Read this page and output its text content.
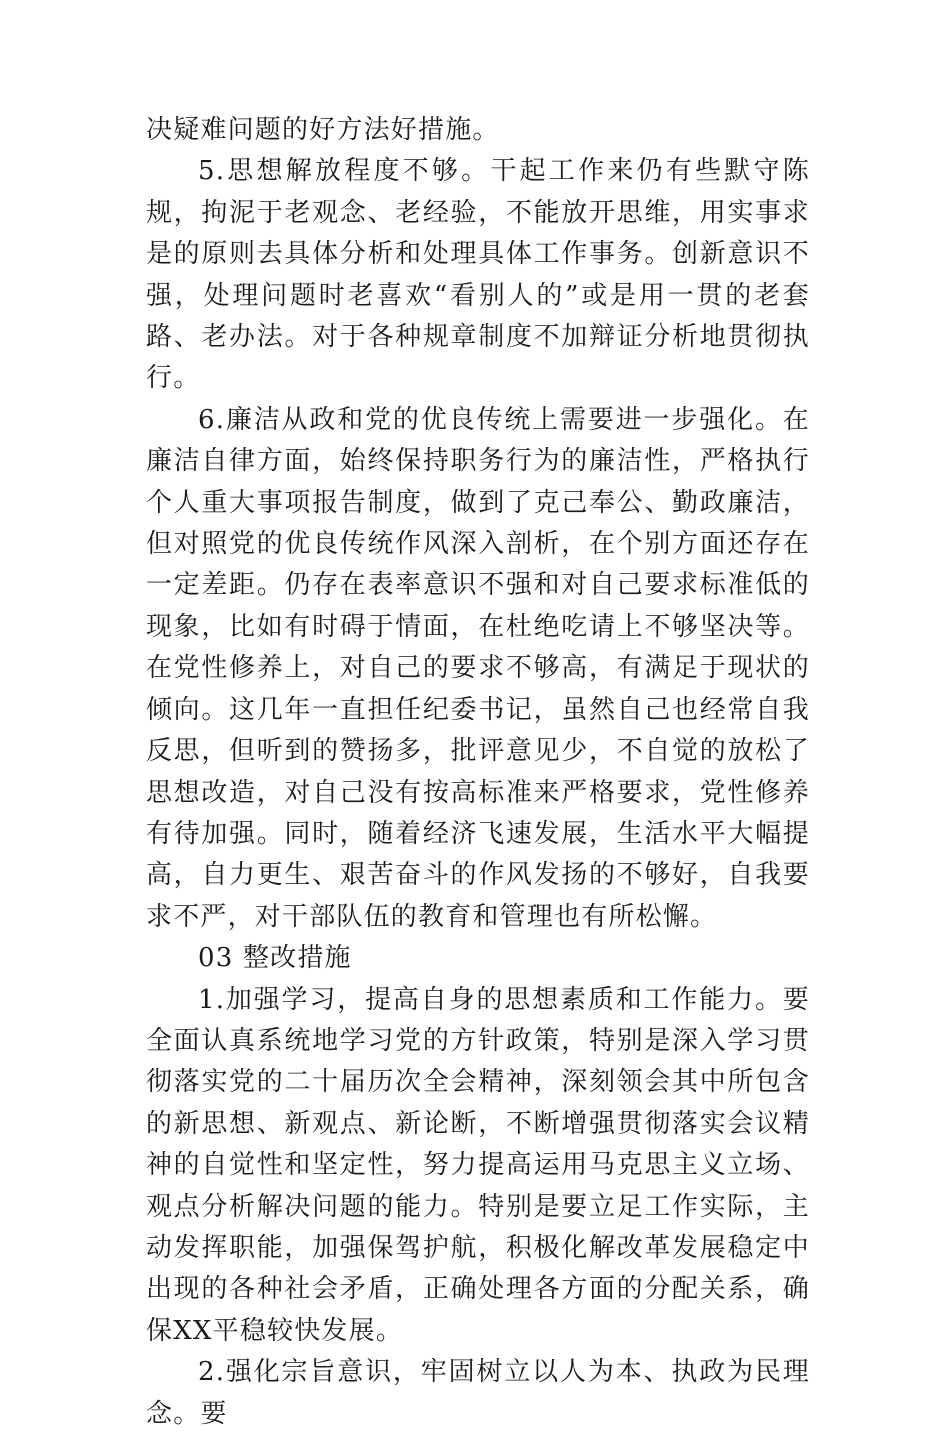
决疑难问题的好方法好措施。

5.思想解放程度不够。干起工作来仍有些默守陈规，拘泥于老观念、老经验，不能放开思维，用实事求是的原则去具体分析和处理具体工作事务。创新意识不强，处理问题时老喜欢“看别人的”或是用一贯的老套路、老办法。对于各种规章制度不加辩证分析地贯彻执行。

6.廉洁从政和党的优良传统上需要进一步强化。在廉洁自律方面，始终保持职务行为的廉洁性，严格执行个人重大事项报告制度，做到了克己奉公、勤政廉洁，但对照党的优良传统作风深入剖析，在个别方面还存在一定差距。仍存在表率意识不强和对自己要求标准低的现象，比如有时碍于情面，在杜绝吃请上不够坚决等。在党性修养上，对自己的要求不够高，有满足于现状的倾向。这几年一直担任纪委书记，虽然自己也经常自我反思，但听到的赞扬多，批评意见少，不自觉的放松了思想改造，对自己没有按高标准来严格要求，党性修养有待加强。同时，随着经济飞速发展，生活水平大幅提高，自力更生、艰苦奋斗的作风发扬的不够好，自我要求不严，对干部队伍的教育和管理也有所松懈。

03 整改措施

1.加强学习，提高自身的思想素质和工作能力。要全面认真系统地学习党的方针政策，特别是深入学习贯彻落实党的二十届历次全会精神，深刻领会其中所包含的新思想、新观点、新论断，不断增强贯彻落实会议精神的自觉性和坚定性，努力提高运用马克思主义立场、观点分析解决问题的能力。特别是要立足工作实际，主动发挥职能，加强保驾护航，积极化解改革发展稳定中出现的各种社会矛盾，正确处理各方面的分配关系，确保XX平稳较快发展。

2.强化宗旨意识，牢固树立以人为本、执政为民理念。要
